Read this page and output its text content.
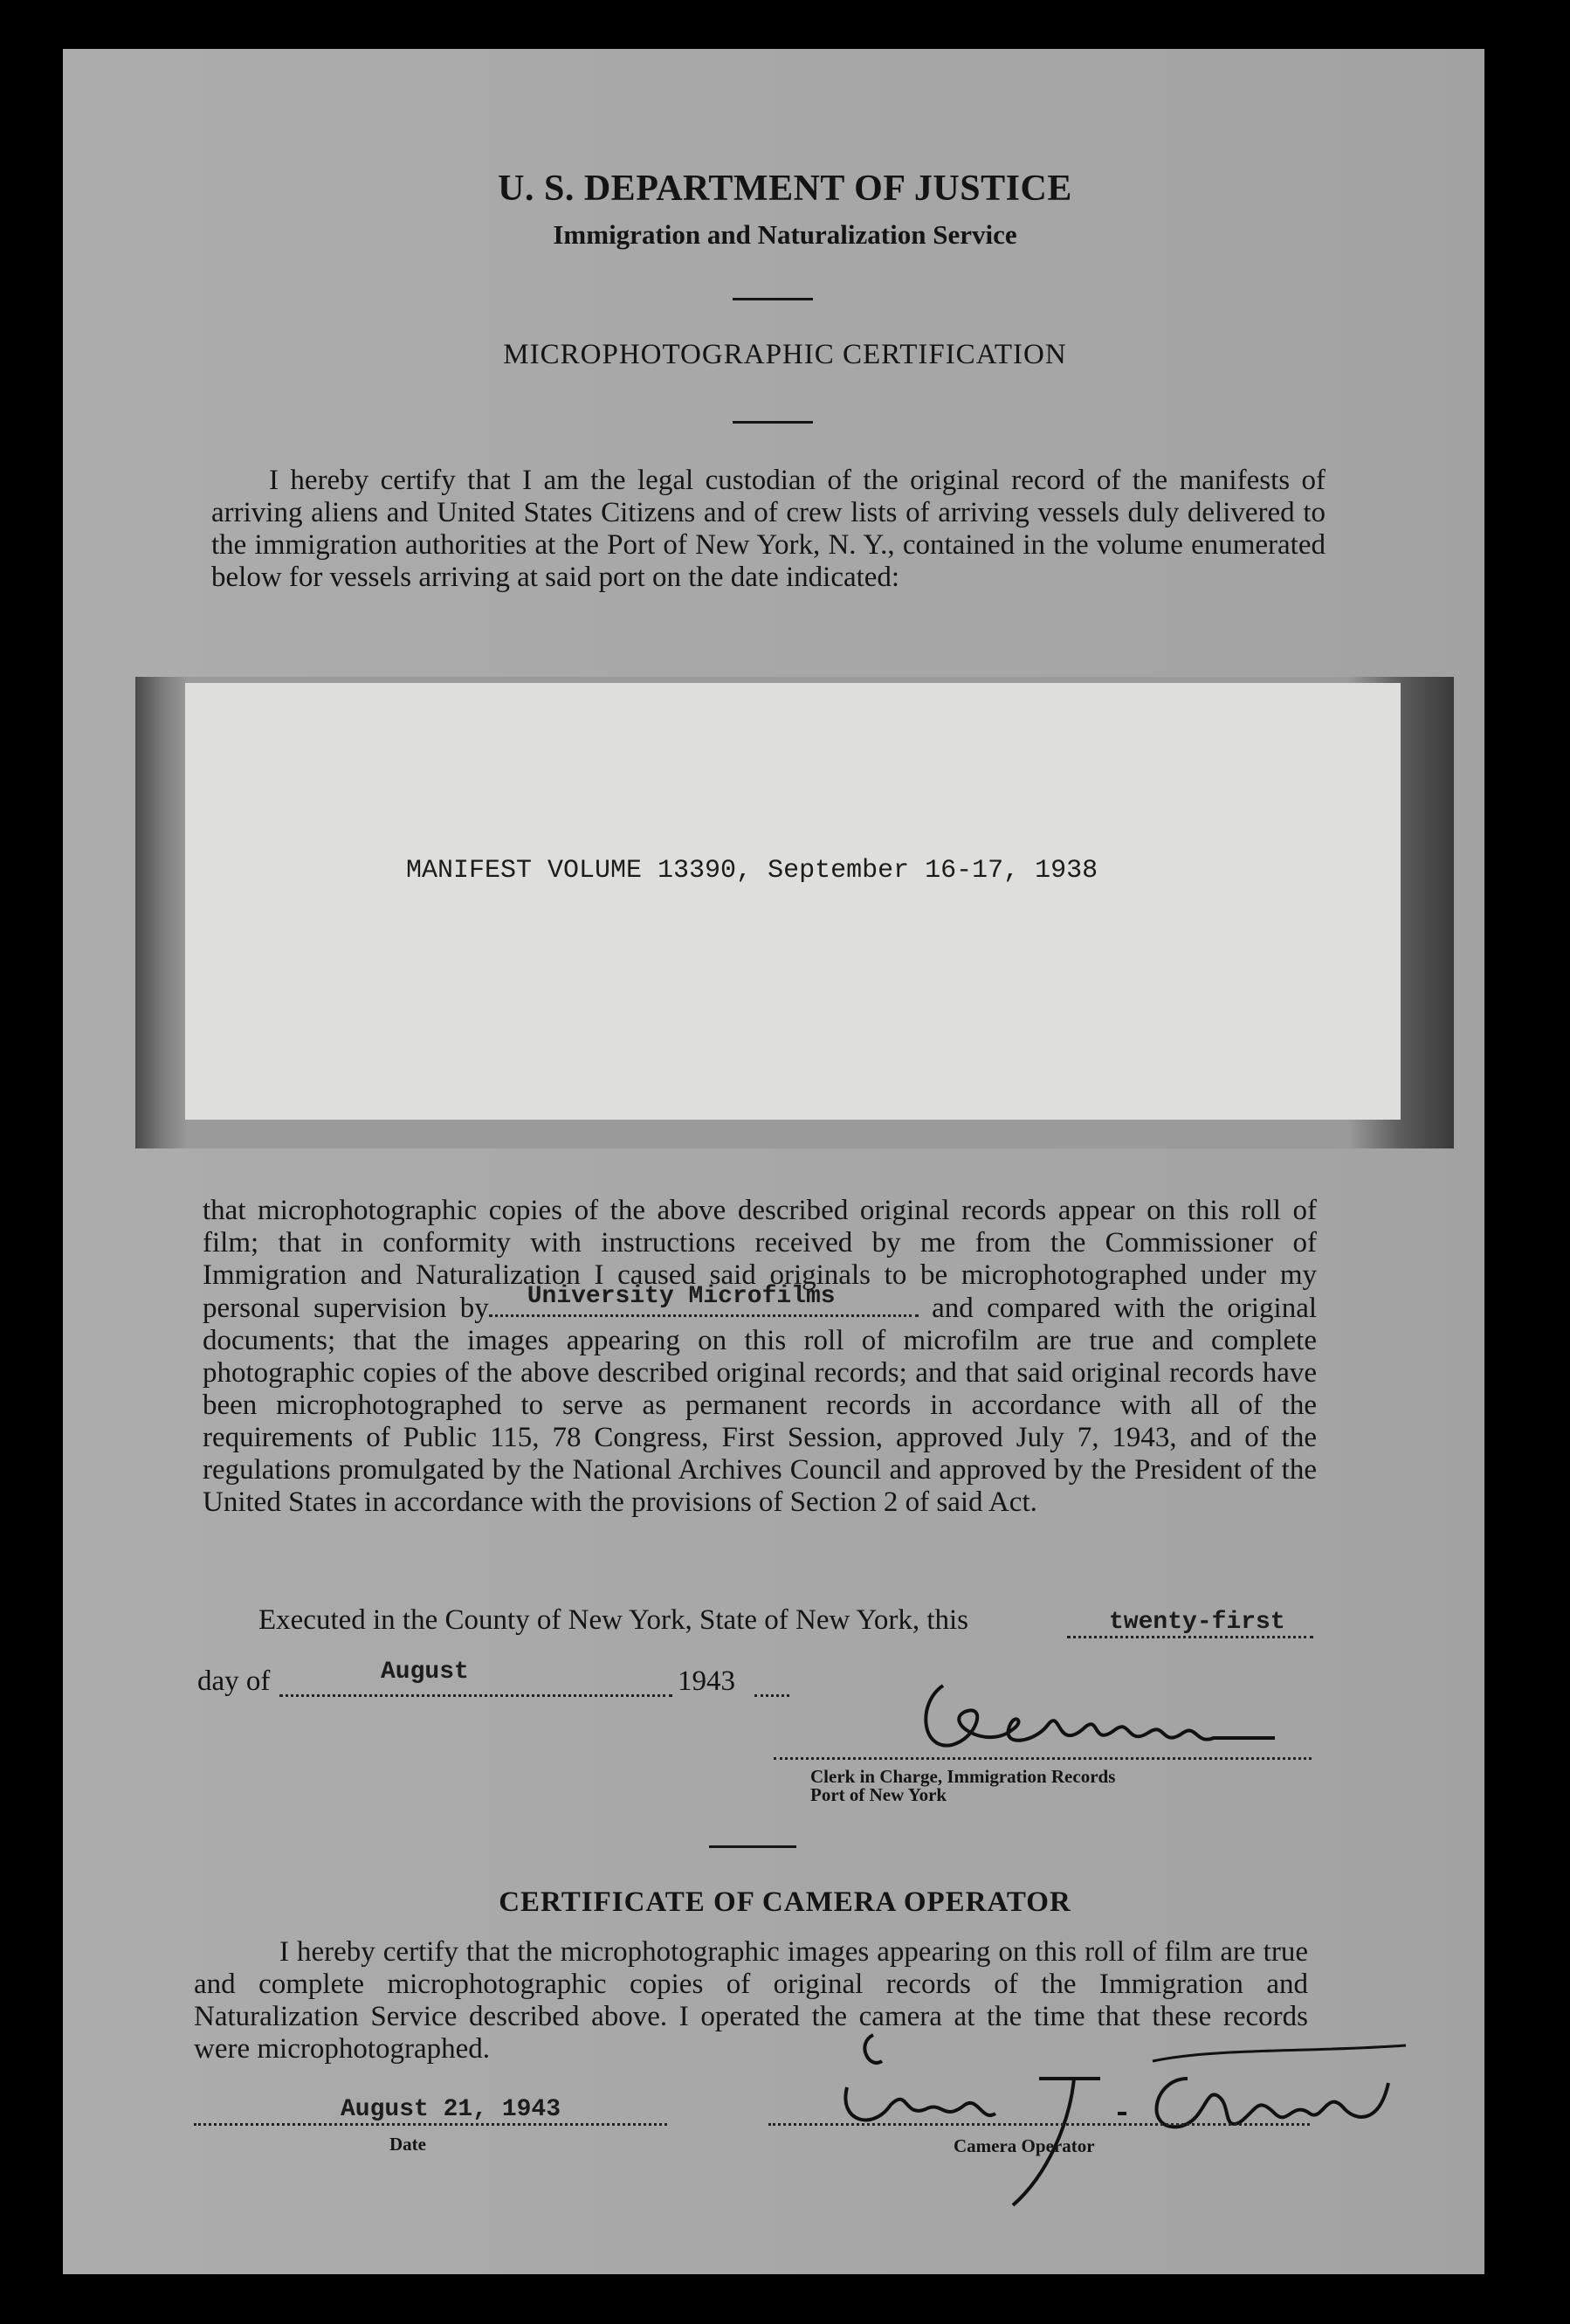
U. S. DEPARTMENT OF JUSTICE
Immigration and Naturalization Service
MICROPHOTOGRAPHIC CERTIFICATION
I hereby certify that I am the legal custodian of the original record of the manifests of arriving aliens and United States Citizens and of crew lists of arriving vessels duly delivered to the immigration authorities at the Port of New York, N. Y., contained in the volume enumerated below for vessels arriving at said port on the date indicated:
MANIFEST VOLUME 13390, September 16-17, 1938
that microphotographic copies of the above described original records appear on this roll of film; that in conformity with instructions received by me from the Commissioner of Immigration and Naturalization I caused said originals to be microphotographed under my personal supervision by University Microfilms	and compared with the original documents; that the images appearing on this roll of microfilm are true and complete photographic copies of the above described original records; and that said original records have been microphotographed to serve as permanent records in accordance with all of the requirements of Public 115, 78 Congress, First Session, approved July 7, 1943, and of the regulations promulgated by the National Archives Council and approved by the President of the United States in accordance with the provisions of Section 2 of said Act.
Executed in the County of New York, State of New York, this	twenty-first
day of	August	1943
Clerk in Charge, Immigration Records
Port of New York
CERTIFICATE OF CAMERA OPERATOR
I hereby certify that the microphotographic images appearing on this roll of film are true and complete microphotographic copies of original records of the Immigration and Naturalization Service described above. I operated the camera at the time that these records were microphotographed.
August 21, 1943
Date	Camera Operator
